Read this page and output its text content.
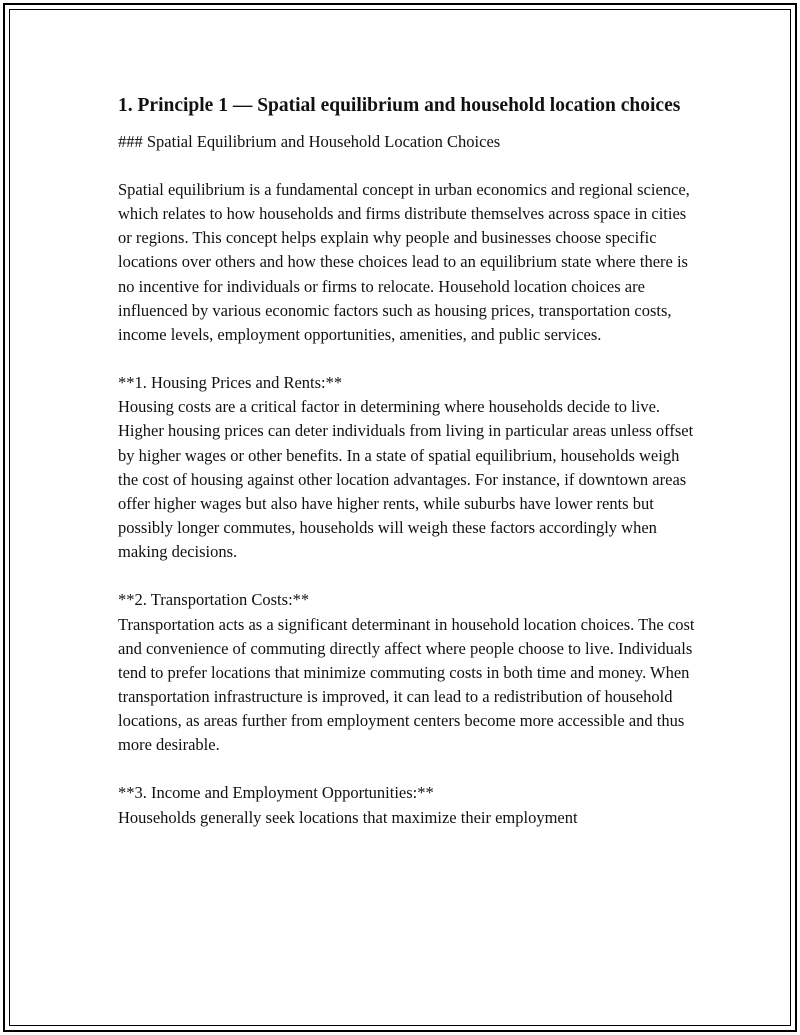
1. Principle 1 — Spatial equilibrium and household location choices

### Spatial Equilibrium and Household Location Choices

Spatial equilibrium is a fundamental concept in urban economics and regional science, which relates to how households and firms distribute themselves across space in cities or regions. This concept helps explain why people and businesses choose specific locations over others and how these choices lead to an equilibrium state where there is no incentive for individuals or firms to relocate. Household location choices are influenced by various economic factors such as housing prices, transportation costs, income levels, employment opportunities, amenities, and public services.

**1. Housing Prices and Rents:**
Housing costs are a critical factor in determining where households decide to live. Higher housing prices can deter individuals from living in particular areas unless offset by higher wages or other benefits. In a state of spatial equilibrium, households weigh the cost of housing against other location advantages. For instance, if downtown areas offer higher wages but also have higher rents, while suburbs have lower rents but possibly longer commutes, households will weigh these factors accordingly when making decisions.

**2. Transportation Costs:**
Transportation acts as a significant determinant in household location choices. The cost and convenience of commuting directly affect where people choose to live. Individuals tend to prefer locations that minimize commuting costs in both time and money. When transportation infrastructure is improved, it can lead to a redistribution of household locations, as areas further from employment centers become more accessible and thus more desirable.

**3. Income and Employment Opportunities:**
Households generally seek locations that maximize their employment
